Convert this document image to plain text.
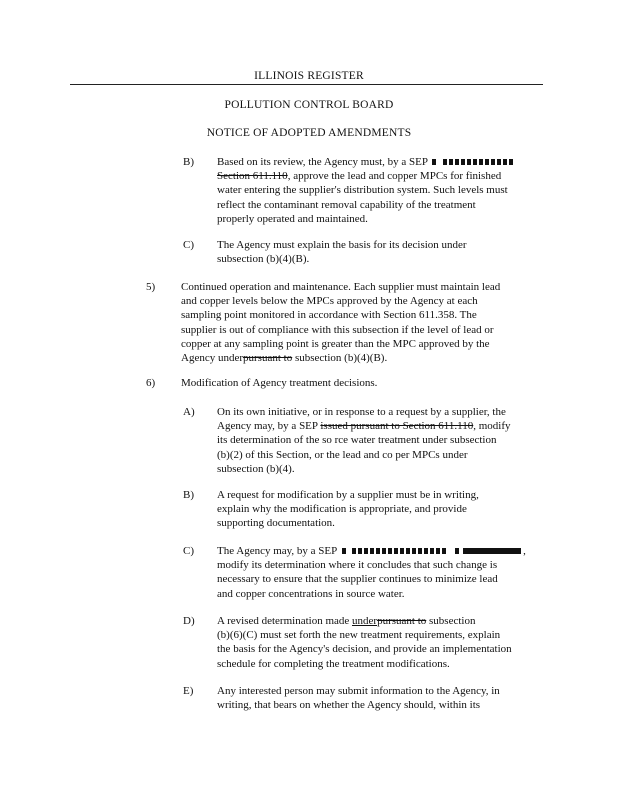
ILLINOIS REGISTER
POLLUTION CONTROL BOARD
NOTICE OF ADOPTED AMENDMENTS
B) Based on its review, the Agency must, by a SEP
Section 611.110, approve the lead and copper MPCs for finished
water entering the supplier's distribution system. Such levels must
reflect the contaminant removal capability of the treatment
properly operated and maintained.
C) The Agency must explain the basis for its decision under
subsection (b)(4)(B).
5) Continued operation and maintenance. Each supplier must maintain lead
and copper levels below the MPCs approved by the Agency at each
sampling point monitored in accordance with Section 611.358. The
supplier is out of compliance with this subsection if the level of lead or
copper at any sampling point is greater than the MPC approved by the
Agency underpursuant to subsection (b)(4)(B).
6) Modification of Agency treatment decisions.
A) On its own initiative, or in response to a request by a supplier, the
Agency may, by a SEP issued pursuant to Section 611.110, modify
its determination of the so rce water treatment under subsection
(b)(2) of this Section, or the lead and co per MPCs under
subsection (b)(4).
B) A request for modification by a supplier must be in writing,
explain why the modification is appropriate, and provide
supporting documentation.
C) The Agency may, by a SEP	,
modify its determination where it concludes that such change is
necessary to ensure that the supplier continues to minimize lead
and copper concentrations in source water.
D) A revised determination made underpursuant to subsection
(b)(6)(C) must set forth the new treatment requirements, explain
the basis for the Agency's decision, and provide an implementation
schedule for completing the treatment modifications.
E) Any interested person may submit information to the Agency, in
writing, that bears on whether the Agency should, within its
